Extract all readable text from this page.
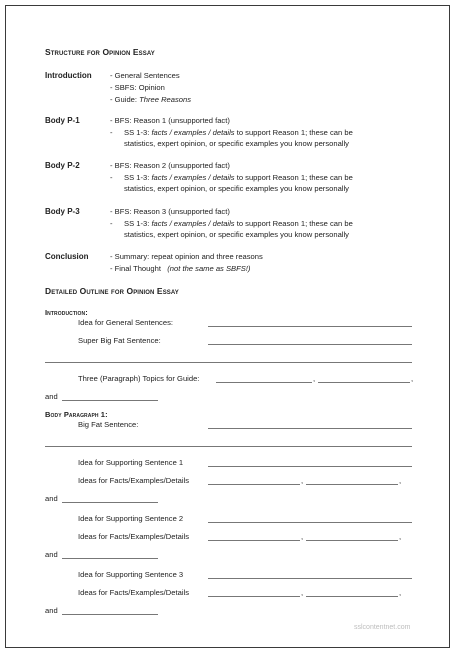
Structure for Opinion Essay
Introduction - General Sentences
- SBFS: Opinion
- Guide: Three Reasons
Body P-1	- BFS: Reason 1 (unsupported fact)
- SS 1-3: facts / examples / details to support Reason 1; these can be
statistics, expert opinion, or specific examples you know personally
Body P-2	- BFS: Reason 2 (unsupported fact)
- SS 1-3: facts / examples / details to support Reason 1; these can be
statistics, expert opinion, or specific examples you know personally
Body P-3	- BFS: Reason 3 (unsupported fact)
- SS 1-3: facts / examples / details to support Reason 1; these can be
statistics, expert opinion, or specific examples you know personally
Conclusion	- Summary: repeat opinion and three reasons
- Final Thought (not the same as SBFS!)
Detailed Outline for Opinion Essay
Introduction:
Idea for General Sentences:
Super Big Fat Sentence:
Three (Paragraph) Topics for Guide:	,	,
and
Body Paragraph 1:
Big Fat Sentence:
Idea for Supporting Sentence 1
Ideas for Facts/Examples/Details	,	,
and
Idea for Supporting Sentence 2
Ideas for Facts/Examples/Details	,	,
and
Idea for Supporting Sentence 3
Ideas for Facts/Examples/Details	,	,
and
sslcontentnet.com
